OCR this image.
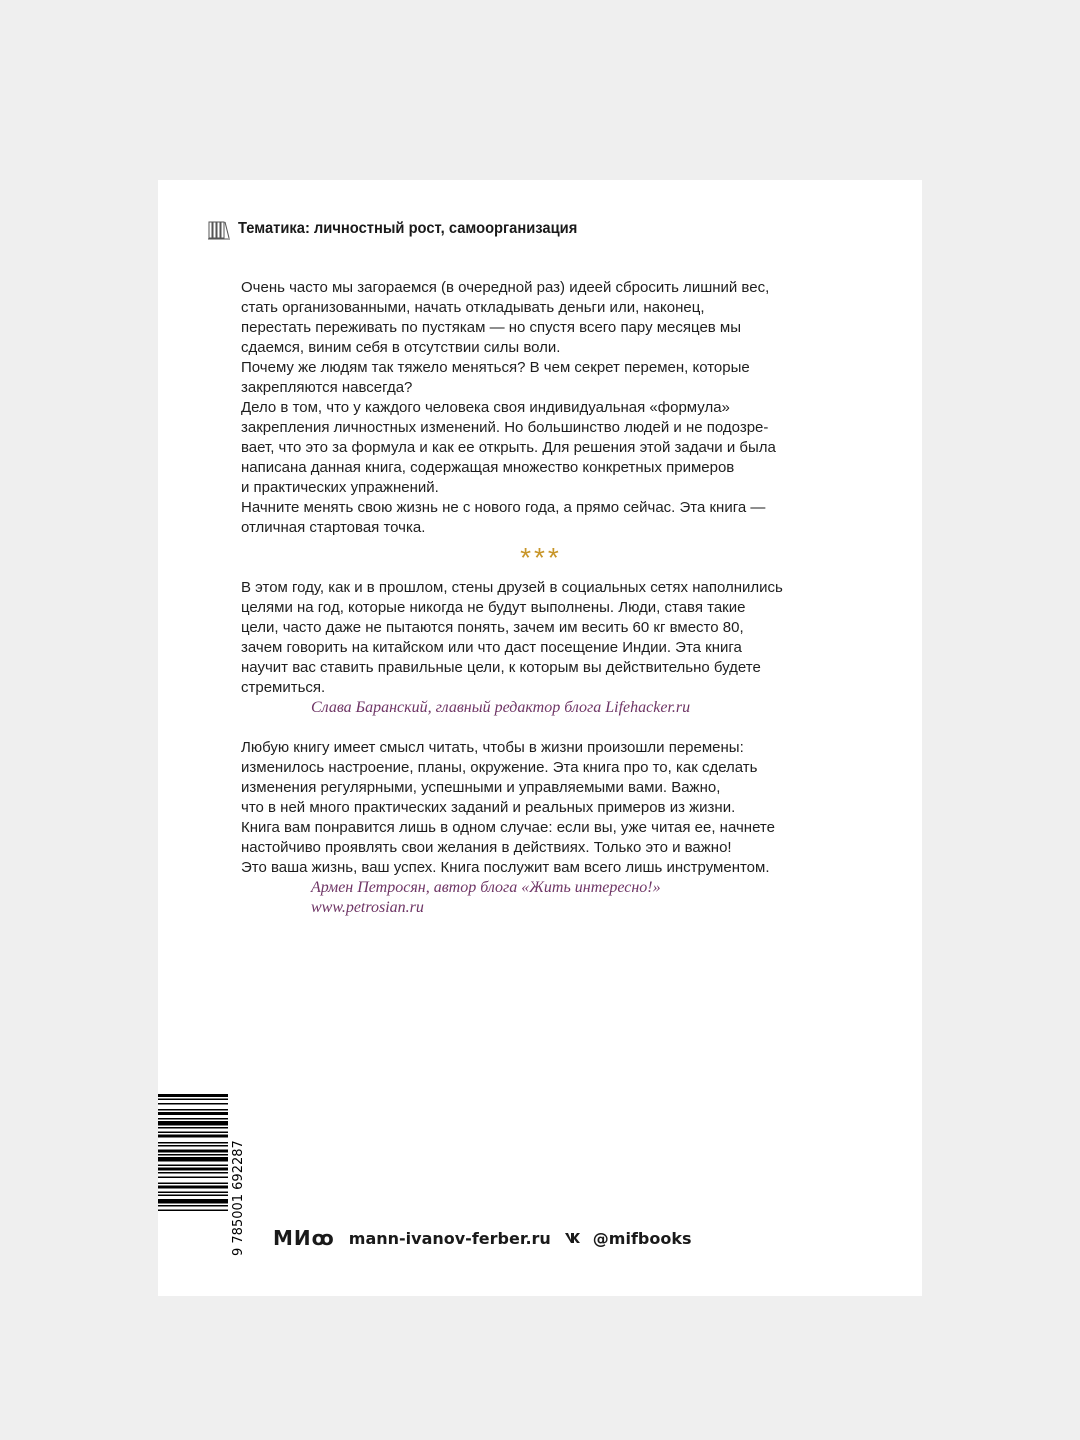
Тематика: личностный рост, самоорганизация

Очень часто мы загораемся (в очередной раз) идеей сбросить лишний вес,
стать организованными, начать откладывать деньги или, наконец,
перестать переживать по пустякам — но спустя всего пару месяцев мы
сдаемся, виним себя в отсутствии силы воли.

Почему же людям так тяжело меняться? В чем секрет перемен, которые
закрепляются навсегда?

Дело в том, что у каждого человека своя индивидуальная «формула»
закрепления личностных изменений. Но большинство людей и не подозре-
вает, что это за формула и как ее открыть. Для решения этой задачи и была
написана данная книга, содержащая множество конкретных примеров
и практических упражнений.

Начните менять свою жизнь не с нового года, а прямо сейчас. Эта книга —
отличная стартовая точка.

***

В этом году, как и в прошлом, стены друзей в социальных сетях наполнились
целями на год, которые никогда не будут выполнены. Люди, ставя такие
цели, часто даже не пытаются понять, зачем им весить 60 кг вместо 80,
зачем говорить на китайском или что даст посещение Индии. Эта книга
научит вас ставить правильные цели, к которым вы действительно будете
стремиться.

Слава Баранский, главный редактор блога Lifehacker.ru

Любую книгу имеет смысл читать, чтобы в жизни произошли перемены:
изменилось настроение, планы, окружение. Эта книга про то, как сделать
изменения регулярными, успешными и управляемыми вами. Важно,
что в ней много практических заданий и реальных примеров из жизни.
Книга вам понравится лишь в одном случае: если вы, уже читая ее, начнете
настойчиво проявлять свои желания в действиях. Только это и важно!
Это ваша жизнь, ваш успех. Книга послужит вам всего лишь инструментом.

Армен Петросян, автор блога «Жить интересно!»
www.petrosian.ru

9 785001 692287 МИꝏ mann-ivanov-ferber.ru	@mifbooks
